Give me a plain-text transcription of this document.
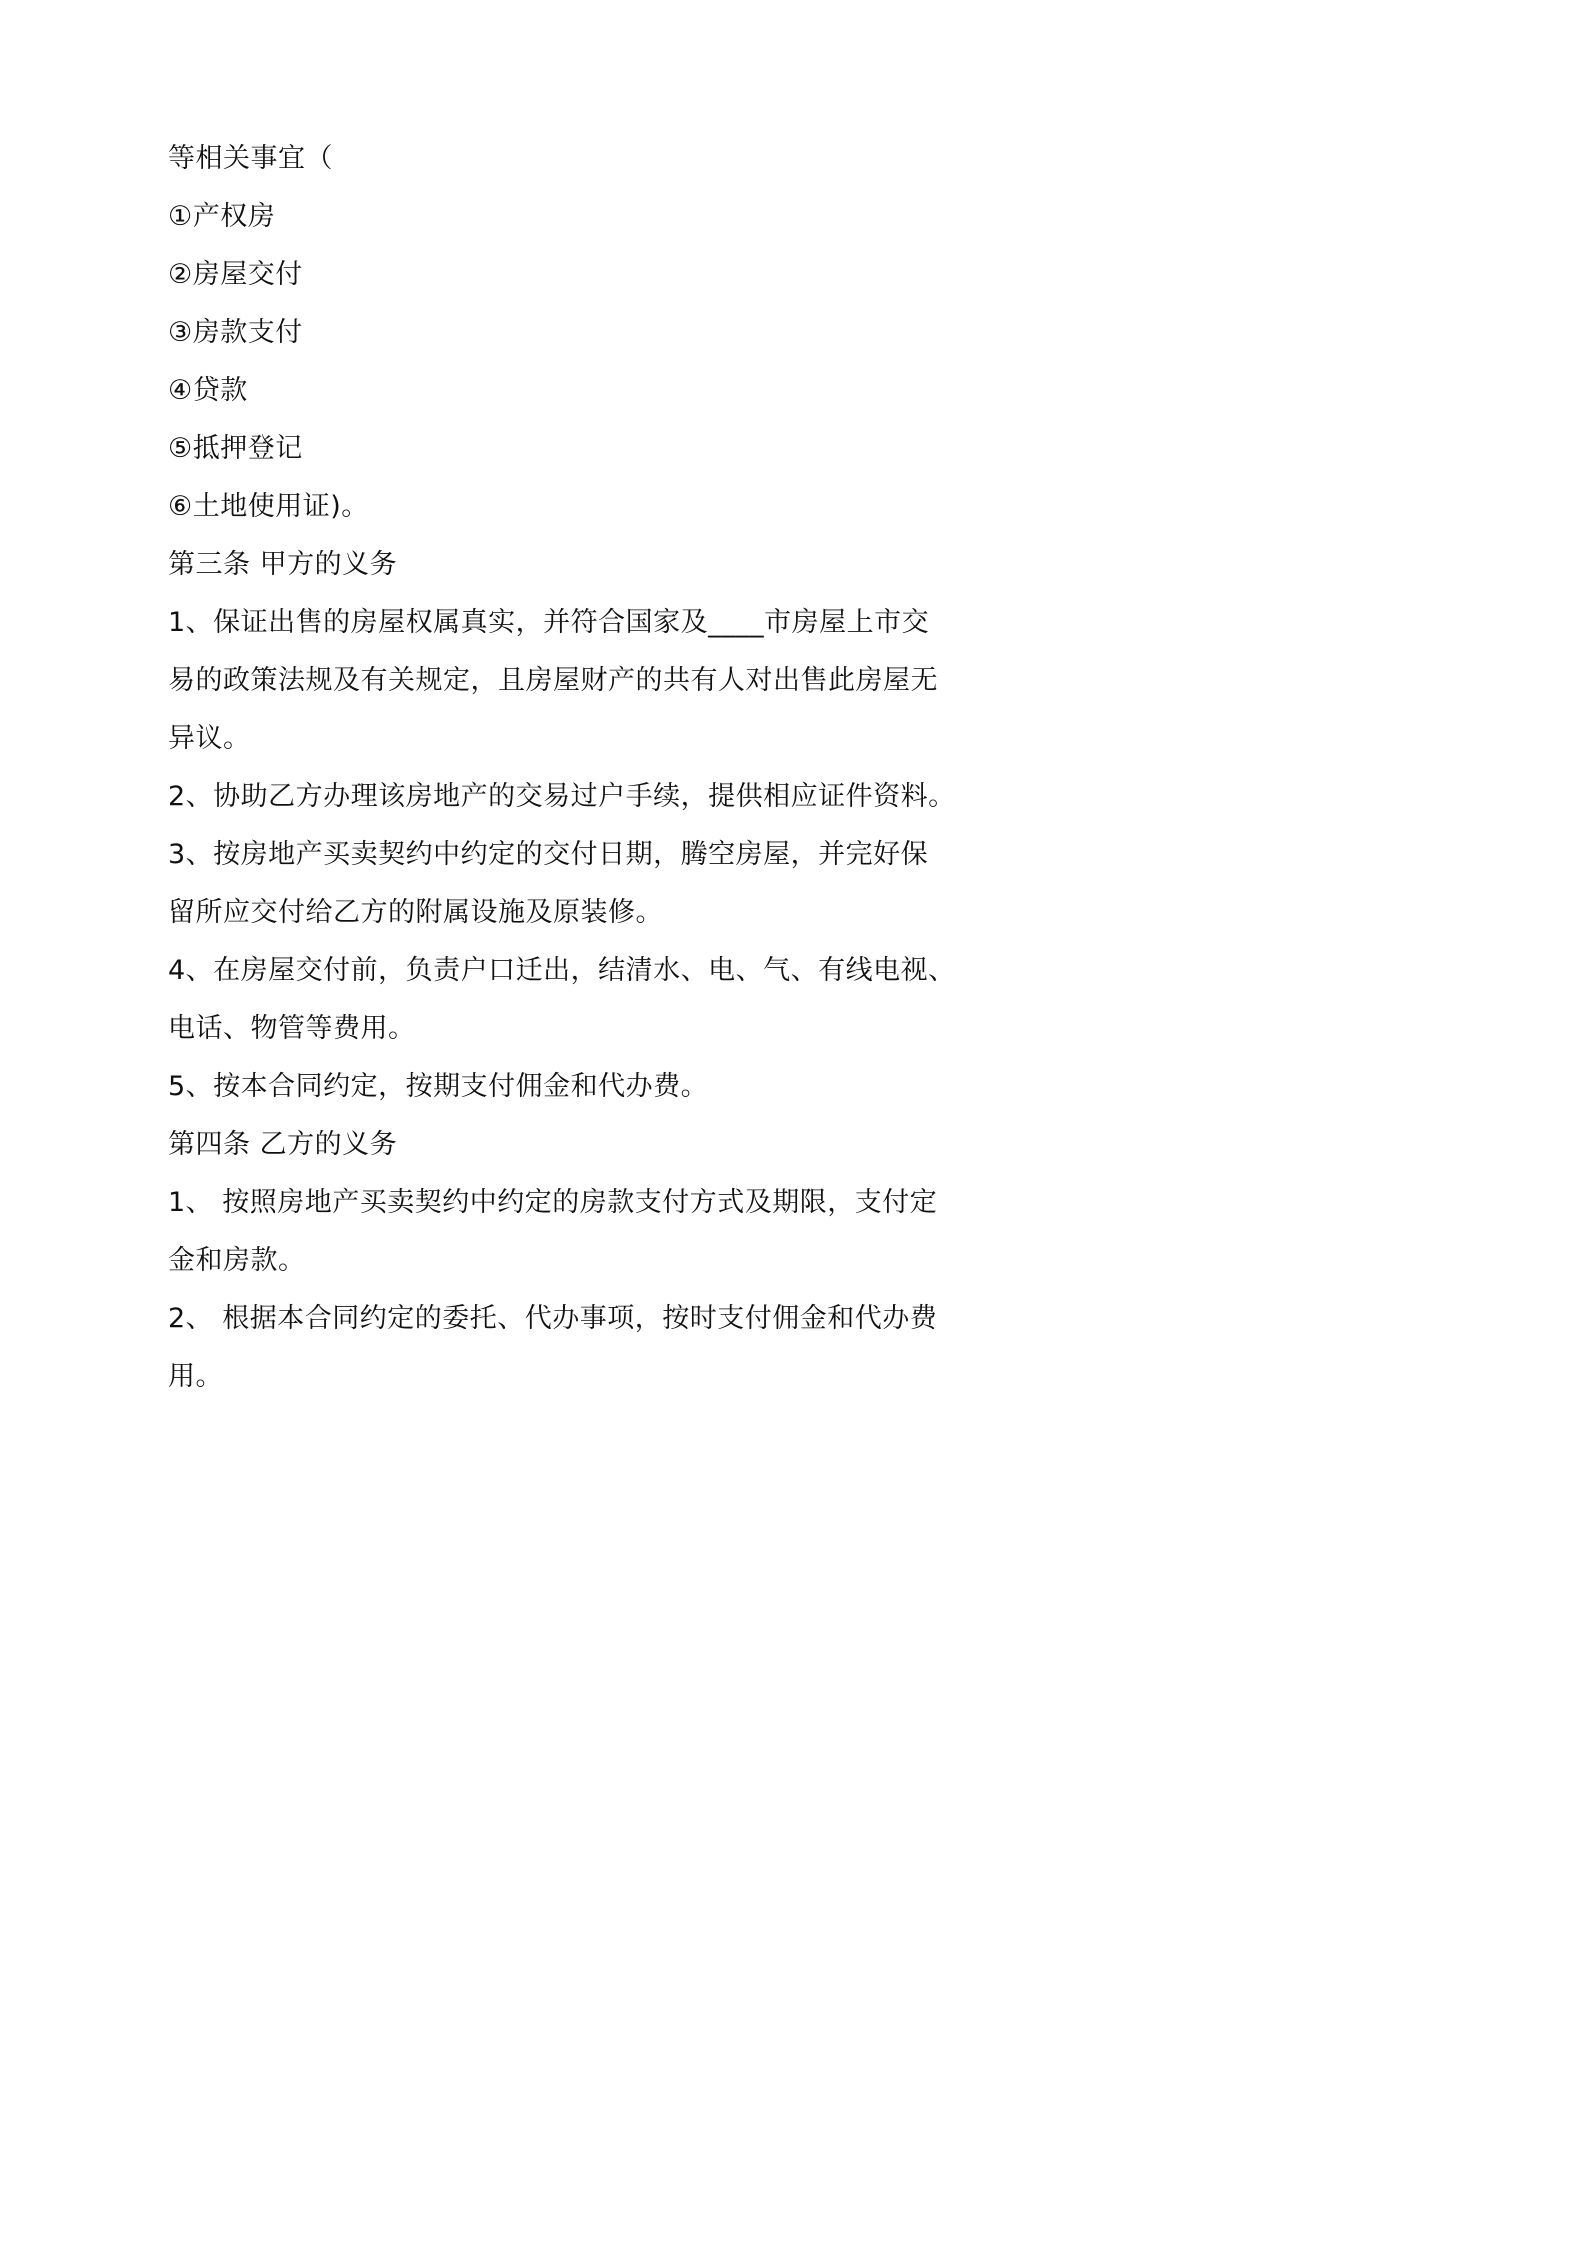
等相关事宜（
①产权房
②房屋交付
③房款支付
④贷款
⑤抵押登记
⑥土地使用证)。
第三条 甲方的义务
1、保证出售的房屋权属真实，并符合国家及____市房屋上市交
易的政策法规及有关规定，且房屋财产的共有人对出售此房屋无
异议。
2、协助乙方办理该房地产的交易过户手续，提供相应证件资料。
3、按房地产买卖契约中约定的交付日期，腾空房屋，并完好保
留所应交付给乙方的附属设施及原装修。
4、在房屋交付前，负责户口迁出，结清水、电、气、有线电视、
电话、物管等费用。
5、按本合同约定，按期支付佣金和代办费。
第四条 乙方的义务
1、 按照房地产买卖契约中约定的房款支付方式及期限，支付定
金和房款。
2、 根据本合同约定的委托、代办事项，按时支付佣金和代办费
用。
